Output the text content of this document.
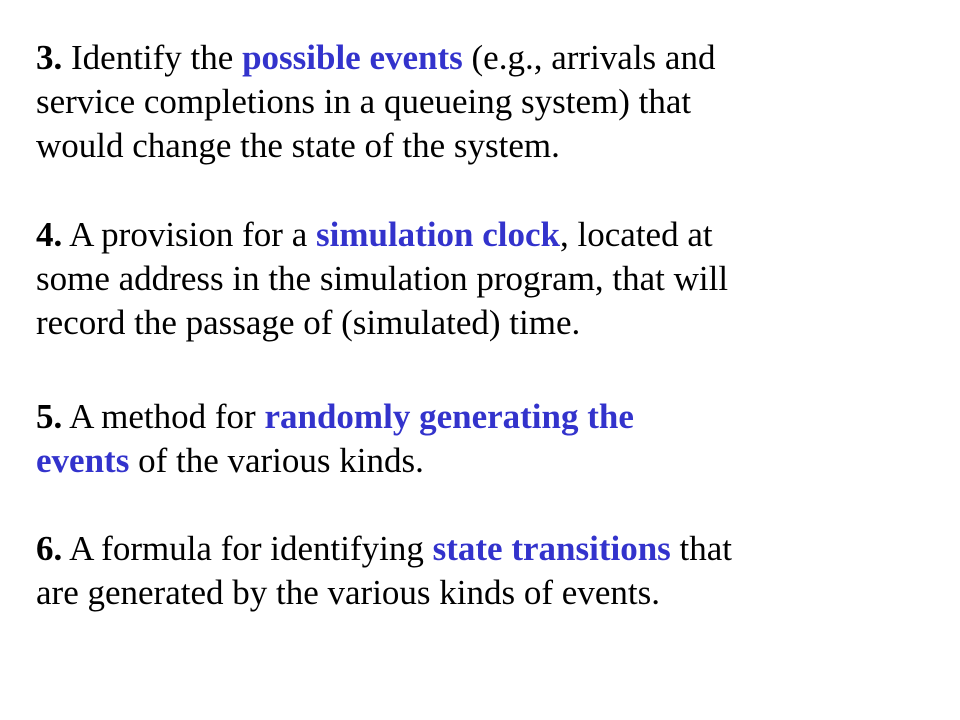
3. Identify the possible events (e.g., arrivals and
service completions in a queueing system) that
would change the state of the system.

4. A provision for a simulation clock, located at
some address in the simulation program, that will
record the passage of (simulated) time.

5. A method for randomly generating the
events of the various kinds.

6. A formula for identifying state transitions that
are generated by the various kinds of events.
